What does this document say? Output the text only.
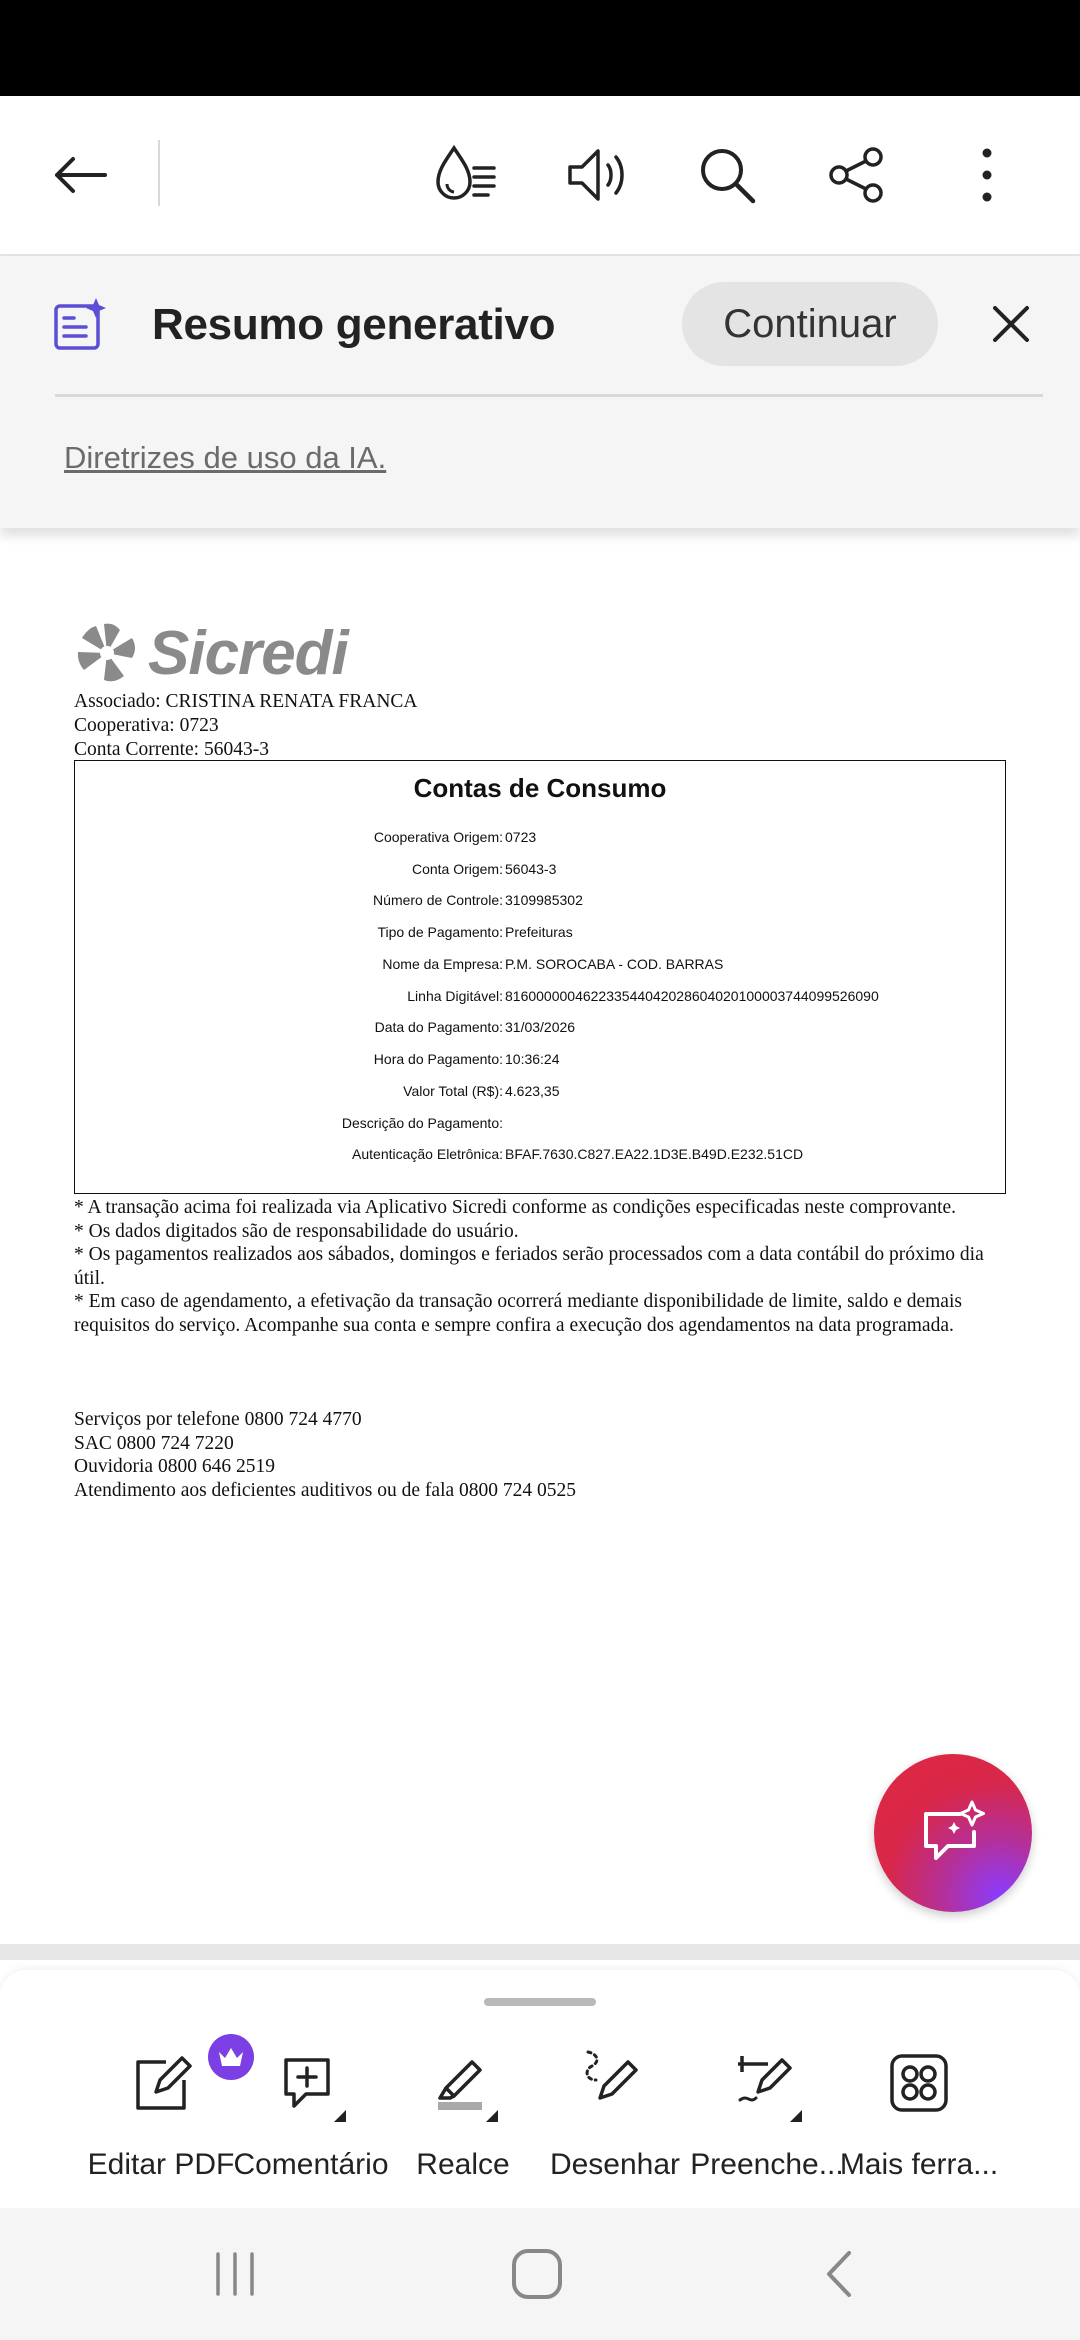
Resumo generativo	Continuar
Diretrizes de uso da IA.
Sicredi
Associado: CRISTINA RENATA FRANCA
Cooperativa: 0723
Conta Corrente: 56043-3
Contas de Consumo
Cooperativa Origem: 0723
Conta Origem: 56043-3
Número de Controle: 3109985302
Tipo de Pagamento: Prefeituras
Nome da Empresa: P.M. SOROCABA - COD. BARRAS
Linha Digitável: 816000000462233544042028604020100003744099526090
Data do Pagamento: 31/03/2026
Hora do Pagamento: 10:36:24
Valor Total (R$): 4.623,35
Descrição do Pagamento:
Autenticação Eletrônica: BFAF.7630.C827.EA22.1D3E.B49D.E232.51CD

* A transação acima foi realizada via Aplicativo Sicredi conforme as condições especificadas neste comprovante.

* Os dados digitados são de responsabilidade do usuário.

* Os pagamentos realizados aos sábados, domingos e feriados serão processados com a data contábil do próximo dia útil.

* Em caso de agendamento, a efetivação da transação ocorrerá mediante disponibilidade de limite, saldo e demais requisitos do serviço. Acompanhe sua conta e sempre confira a execução dos agendamentos na data programada.

Serviços por telefone 0800 724 4770

SAC 0800 724 7220

Ouvidoria 0800 646 2519

Atendimento aos deficientes auditivos ou de fala 0800 724 0525

Editar PDF Comentário Realce	Desenhar Preenche...
Mais ferra...
